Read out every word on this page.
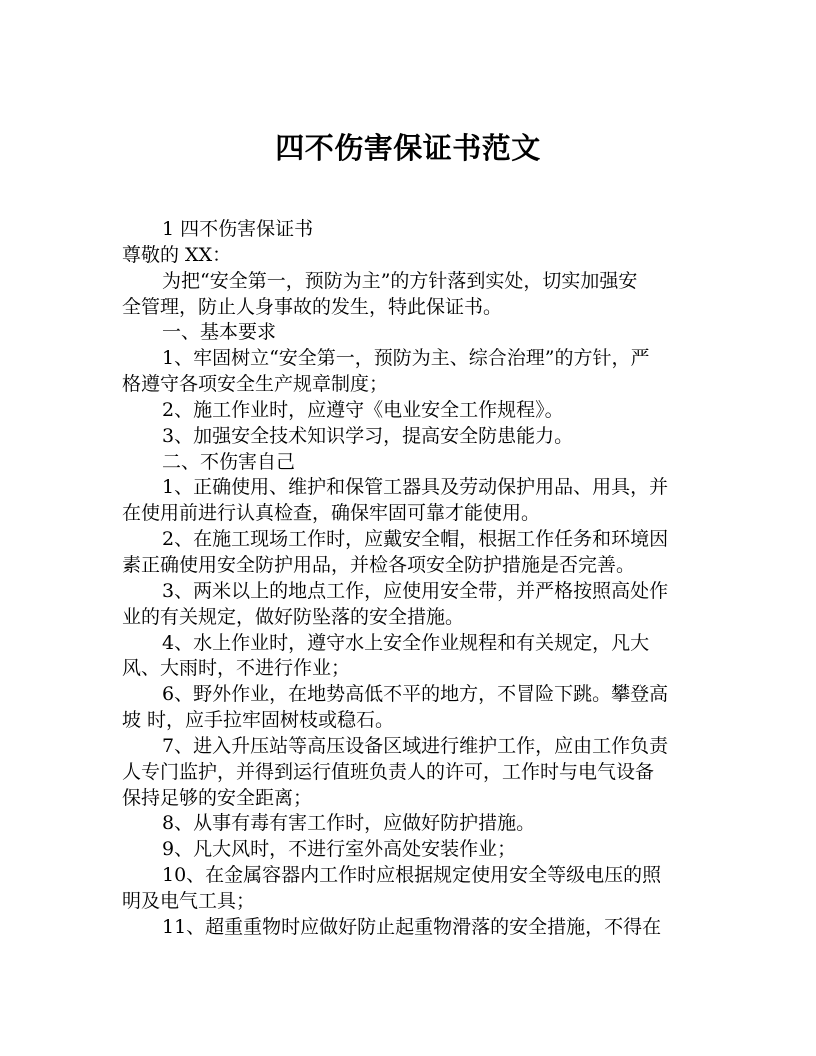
四不伤害保证书范文
1 四不伤害保证书
尊敬的 XX：
为把“安全第一，预防为主”的方针落到实处，切实加强安
全管理，防止人身事故的发生，特此保证书。
一、基本要求
1、牢固树立“安全第一，预防为主、综合治理”的方针，严
格遵守各项安全生产规章制度；
2、施工作业时，应遵守《电业安全工作规程》。
3、加强安全技术知识学习，提高安全防患能力。
二、不伤害自己
1、正确使用、维护和保管工器具及劳动保护用品、用具，并
在使用前进行认真检查，确保牢固可靠才能使用。
2、在施工现场工作时，应戴安全帽，根据工作任务和环境因
素正确使用安全防护用品，并检各项安全防护措施是否完善。
3、两米以上的地点工作，应使用安全带，并严格按照高处作
业的有关规定，做好防坠落的安全措施。
4、水上作业时，遵守水上安全作业规程和有关规定，凡大
风、大雨时，不进行作业；
6、野外作业，在地势高低不平的地方，不冒险下跳。攀登高
坡 时，应手拉牢固树枝或稳石。
7、进入升压站等高压设备区域进行维护工作，应由工作负责
人专门监护，并得到运行值班负责人的许可，工作时与电气设备
保持足够的安全距离；
8、从事有毒有害工作时，应做好防护措施。
9、凡大风时，不进行室外高处安装作业；
10、在金属容器内工作时应根据规定使用安全等级电压的照
明及电气工具；
11、超重重物时应做好防止起重物滑落的安全措施，不得在
